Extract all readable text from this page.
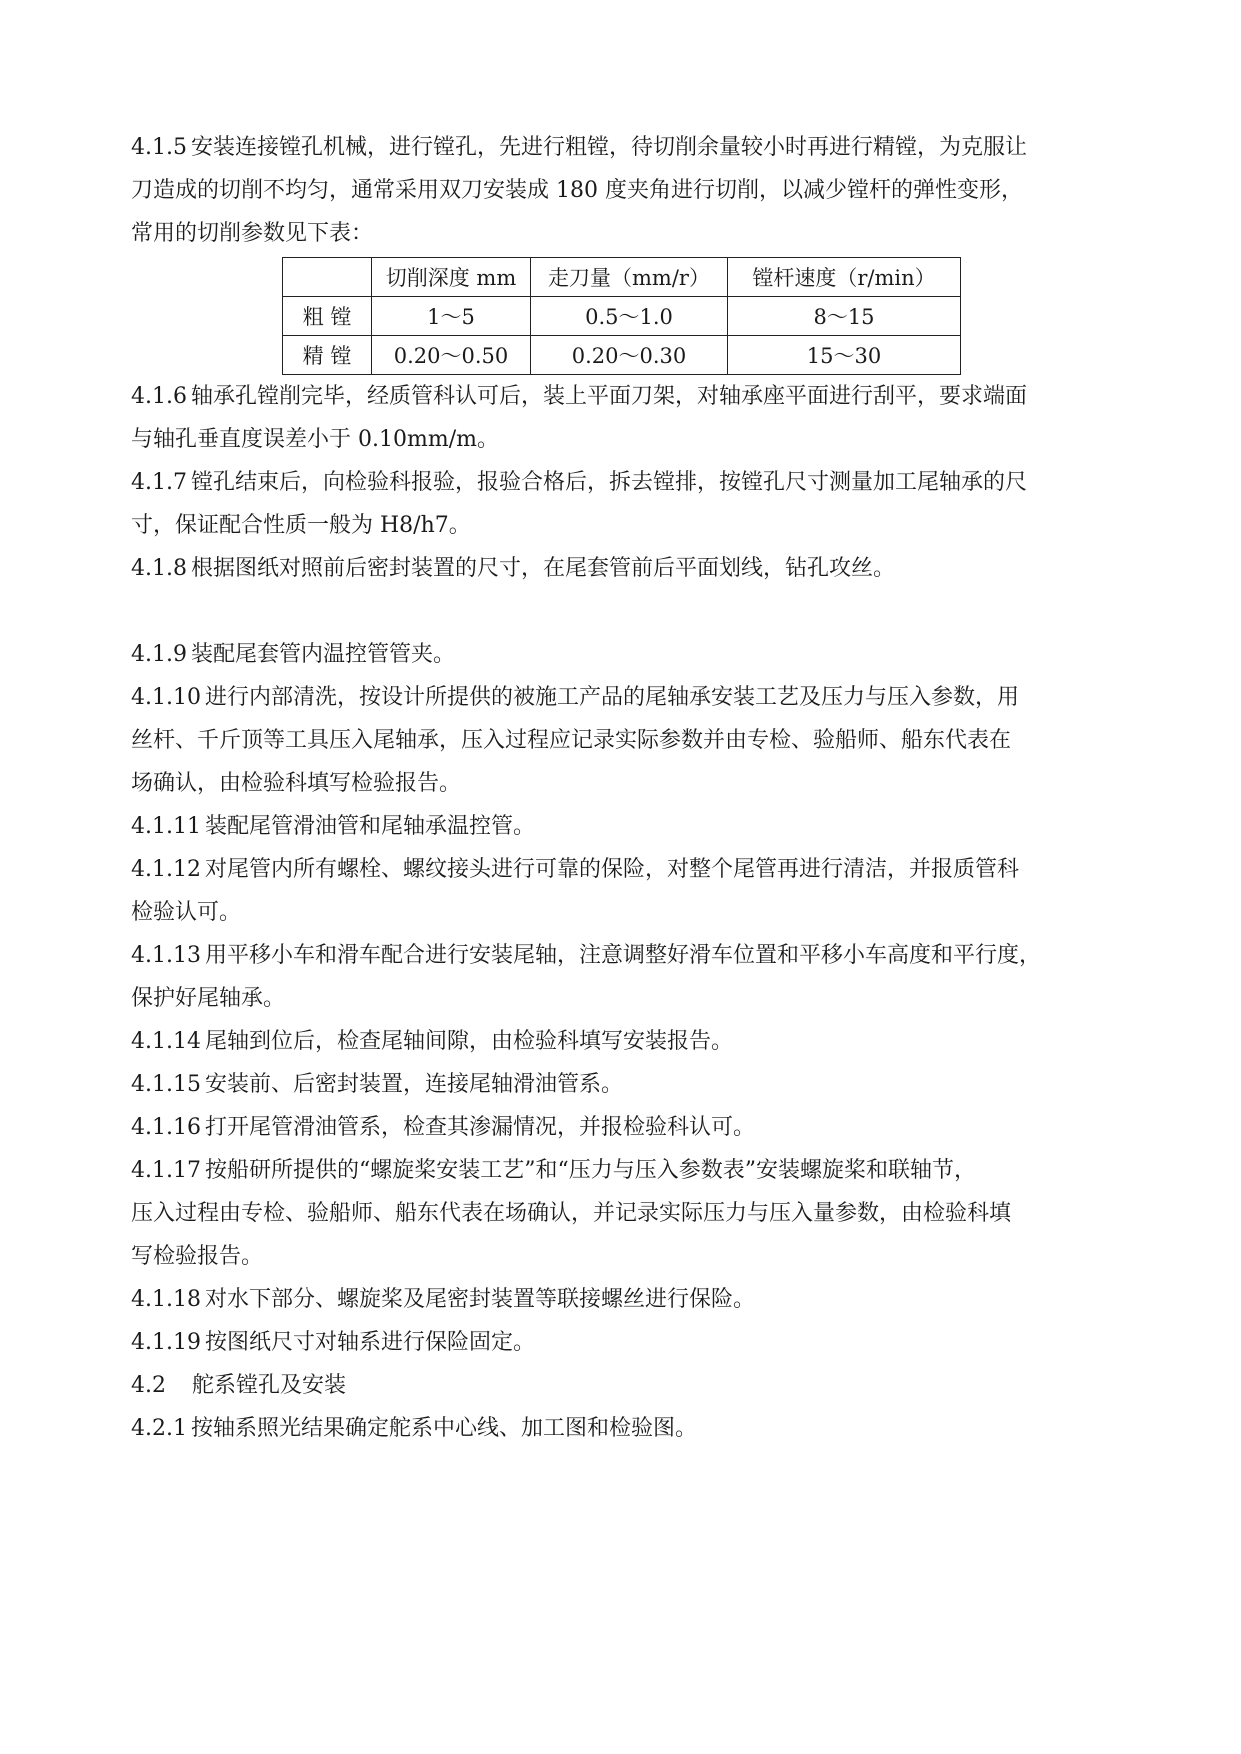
4.1.5 安装连接镗孔机械，进行镗孔，先进行粗镗，待切削余量较小时再进行精镗，为克服让

刀造成的切削不均匀，通常采用双刀安装成 180 度夹角进行切削，以减少镗杆的弹性变形，

常用的切削参数见下表：

	切削深度 mm	走刀量（mm/r）	镗杆速度（r/min）
粗 镗	1～5	0.5～1.0	8～15
精 镗	0.20～0.50	0.20～0.30	15～30

4.1.6 轴承孔镗削完毕，经质管科认可后，装上平面刀架，对轴承座平面进行刮平，要求端面

与轴孔垂直度误差小于 0.10mm/m。

4.1.7 镗孔结束后，向检验科报验，报验合格后，拆去镗排，按镗孔尺寸测量加工尾轴承的尺

寸，保证配合性质一般为 H8/h7。

4.1.8 根据图纸对照前后密封装置的尺寸，在尾套管前后平面划线，钻孔攻丝。

4.1.9 装配尾套管内温控管管夹。

4.1.10 进行内部清洗，按设计所提供的被施工产品的尾轴承安装工艺及压力与压入参数，用

丝杆、千斤顶等工具压入尾轴承，压入过程应记录实际参数并由专检、验船师、船东代表在

场确认，由检验科填写检验报告。

4.1.11 装配尾管滑油管和尾轴承温控管。

4.1.12 对尾管内所有螺栓、螺纹接头进行可靠的保险，对整个尾管再进行清洁，并报质管科

检验认可。

4.1.13 用平移小车和滑车配合进行安装尾轴，注意调整好滑车位置和平移小车高度和平行度，

保护好尾轴承。

4.1.14 尾轴到位后，检查尾轴间隙，由检验科填写安装报告。

4.1.15 安装前、后密封装置，连接尾轴滑油管系。

4.1.16 打开尾管滑油管系，检查其渗漏情况，并报检验科认可。

4.1.17 按船研所提供的“螺旋桨安装工艺”和“压力与压入参数表”安装螺旋桨和联轴节，

压入过程由专检、验船师、船东代表在场确认，并记录实际压力与压入量参数，由检验科填

写检验报告。

4.1.18 对水下部分、螺旋桨及尾密封装置等联接螺丝进行保险。

4.1.19 按图纸尺寸对轴系进行保险固定。

4.2 舵系镗孔及安装

4.2.1 按轴系照光结果确定舵系中心线、加工图和检验图。
